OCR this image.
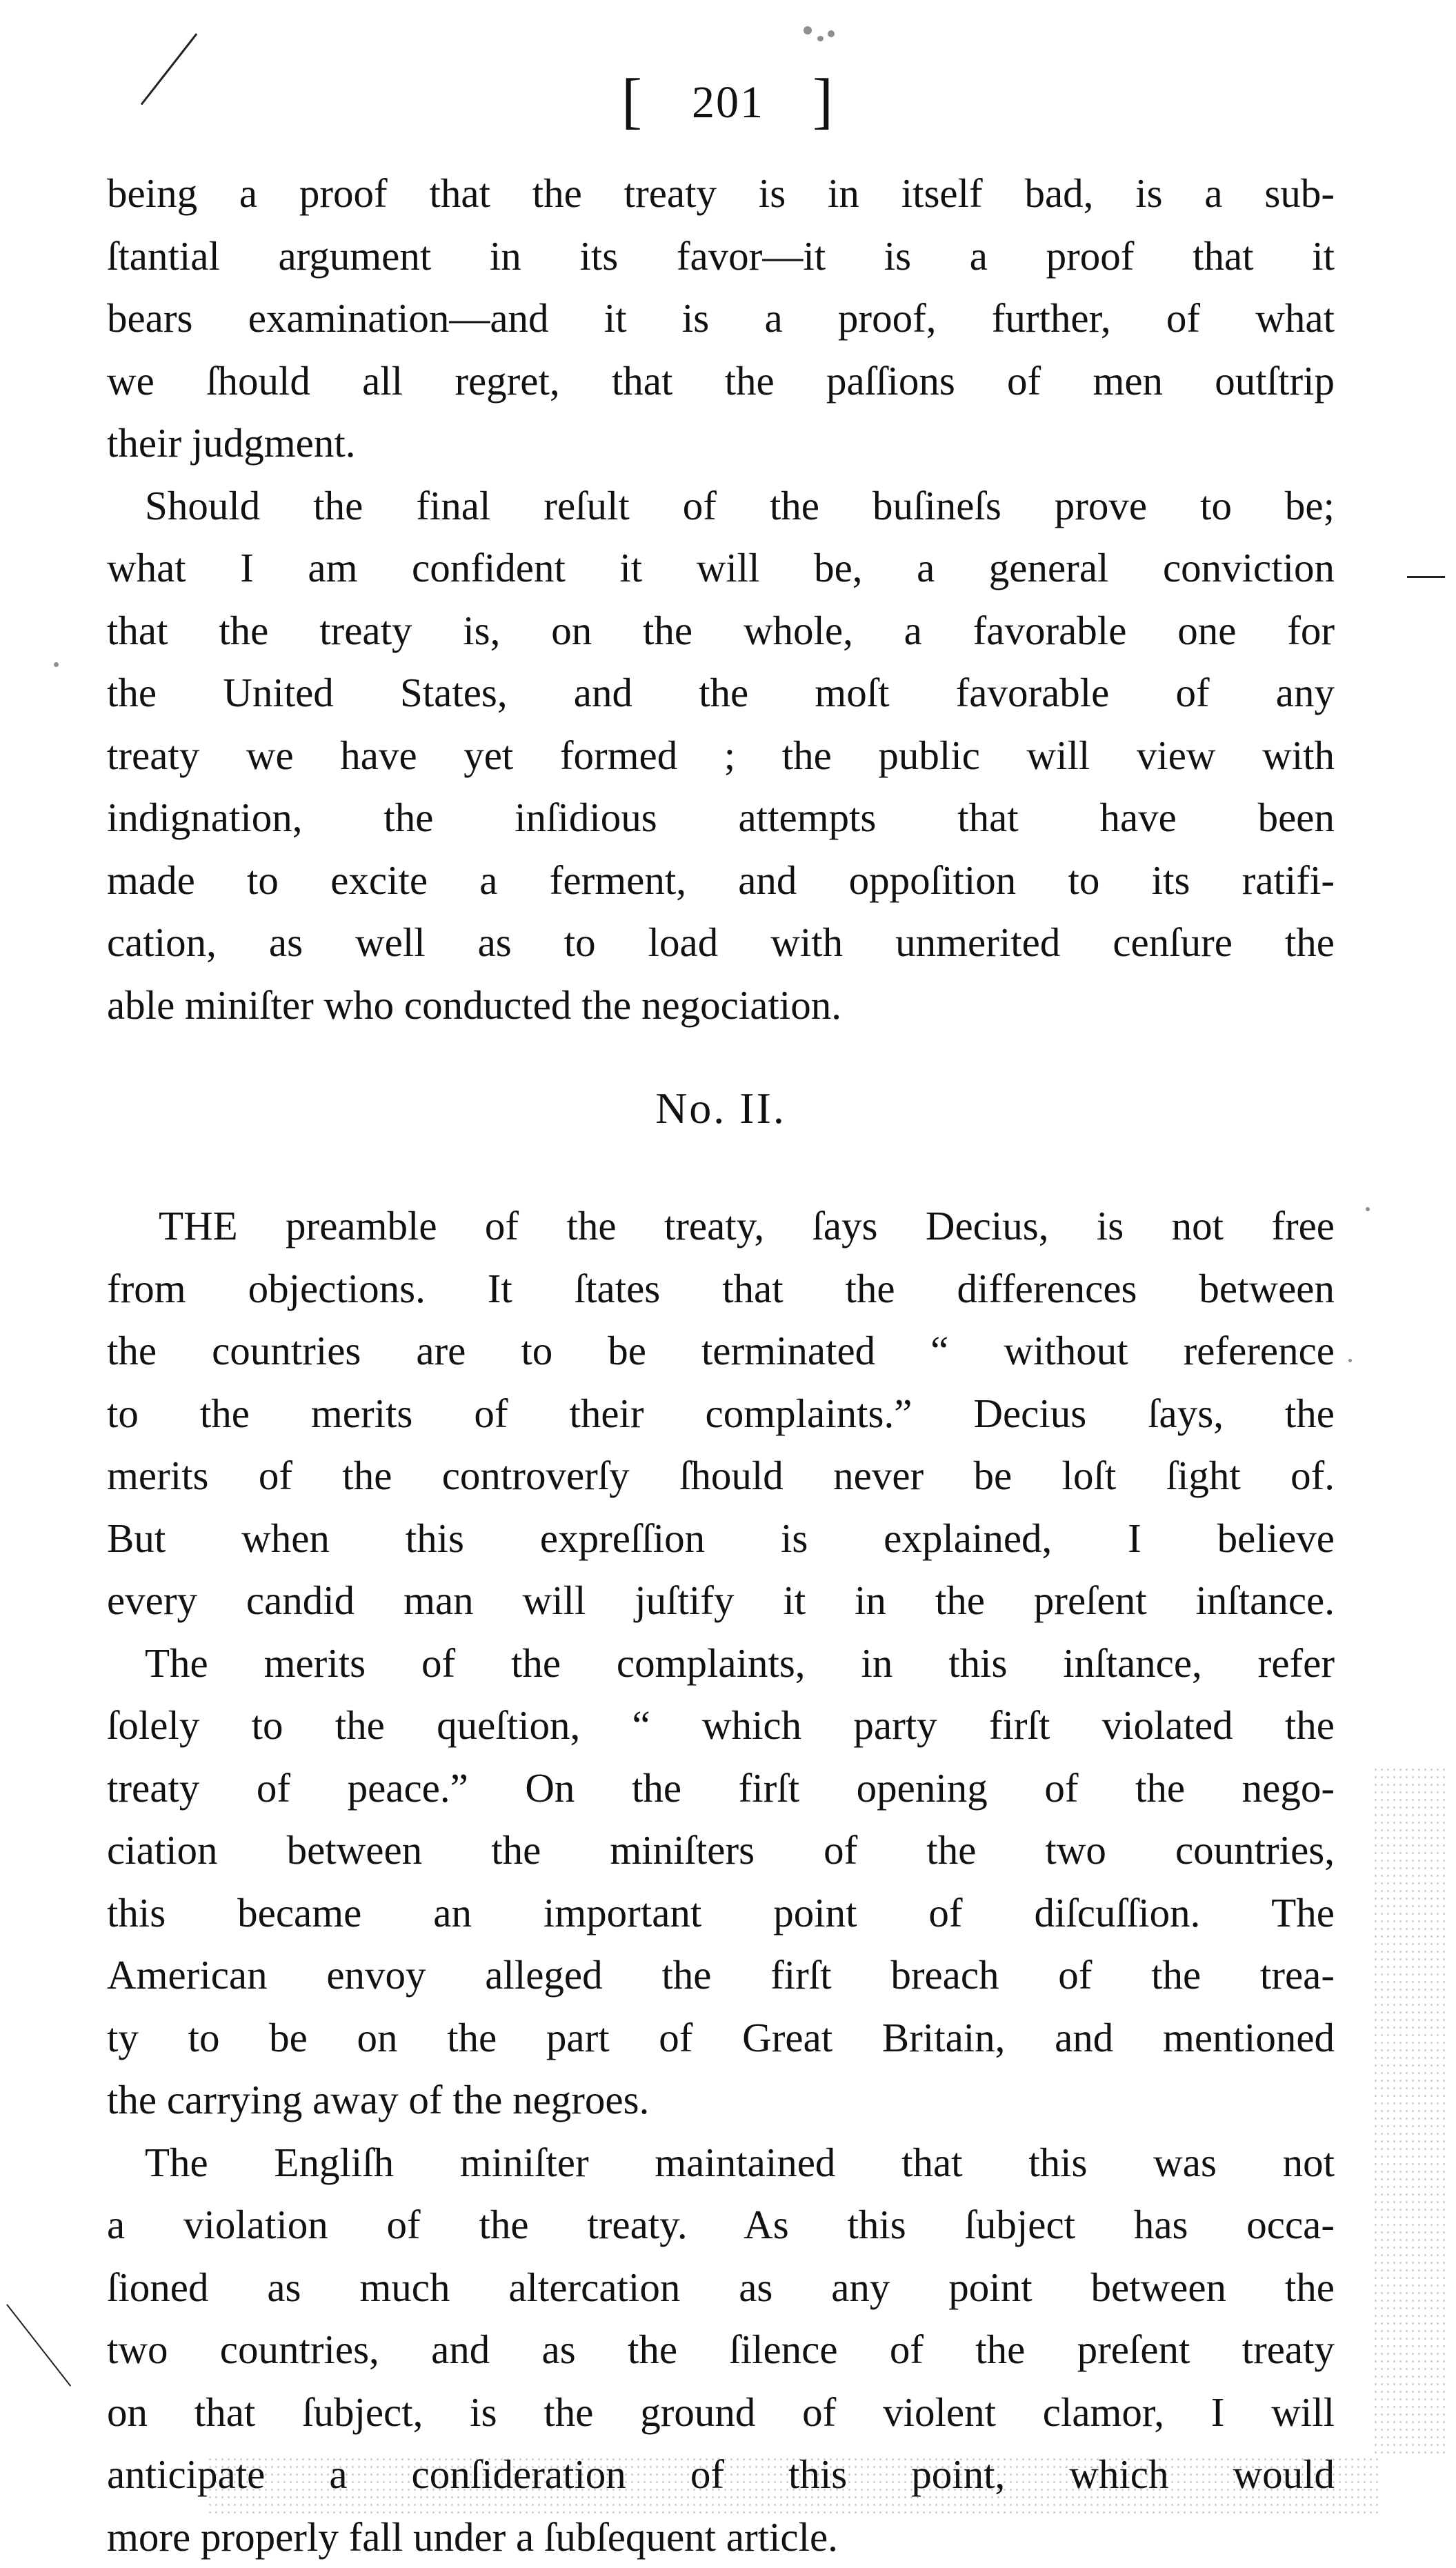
[ 201 ]
being a proof that the treaty is in itself bad, is a sub-
ſtantial argument in its favor—it is a proof that it
bears examination—and it is a proof, further, of what
we ſhould all regret, that the paſſions of men outſtrip
their judgment.
Should the final reſult of the buſineſs prove to be;
what I am confident it will be, a general conviction
that the treaty is, on the whole, a favorable one for
the United States, and the moſt favorable of any
treaty we have yet formed ; the public will view with
indignation, the inſidious attempts that have been
made to excite a ferment, and oppoſition to its ratifi-
cation, as well as to load with unmerited cenſure the
able miniſter who conducted the negociation.
No. II.
THE preamble of the treaty, ſays Decius, is not free
from objections. It ſtates that the differences between
the countries are to be terminated “ without reference
to the merits of their complaints.” Decius ſays, the
merits of the controverſy ſhould never be loſt ſight of.
But when this expreſſion is explained, I believe
every candid man will juſtify it in the preſent inſtance.
The merits of the complaints, in this inſtance, refer
ſolely to the queſtion, “ which party firſt violated the
treaty of peace.” On the firſt opening of the nego-
ciation between the miniſters of the two countries,
this became an important point of diſcuſſion. The
American envoy alleged the firſt breach of the trea-
ty to be on the part of Great Britain, and mentioned
the carrying away of the negroes.
The Engliſh miniſter maintained that this was not
a violation of the treaty. As this ſubject has occa-
ſioned as much altercation as any point between the
two countries, and as the ſilence of the preſent treaty
on that ſubject, is the ground of violent clamor, I will
anticipate a conſideration of this point, which would
more properly fall under a ſubſequent article.
